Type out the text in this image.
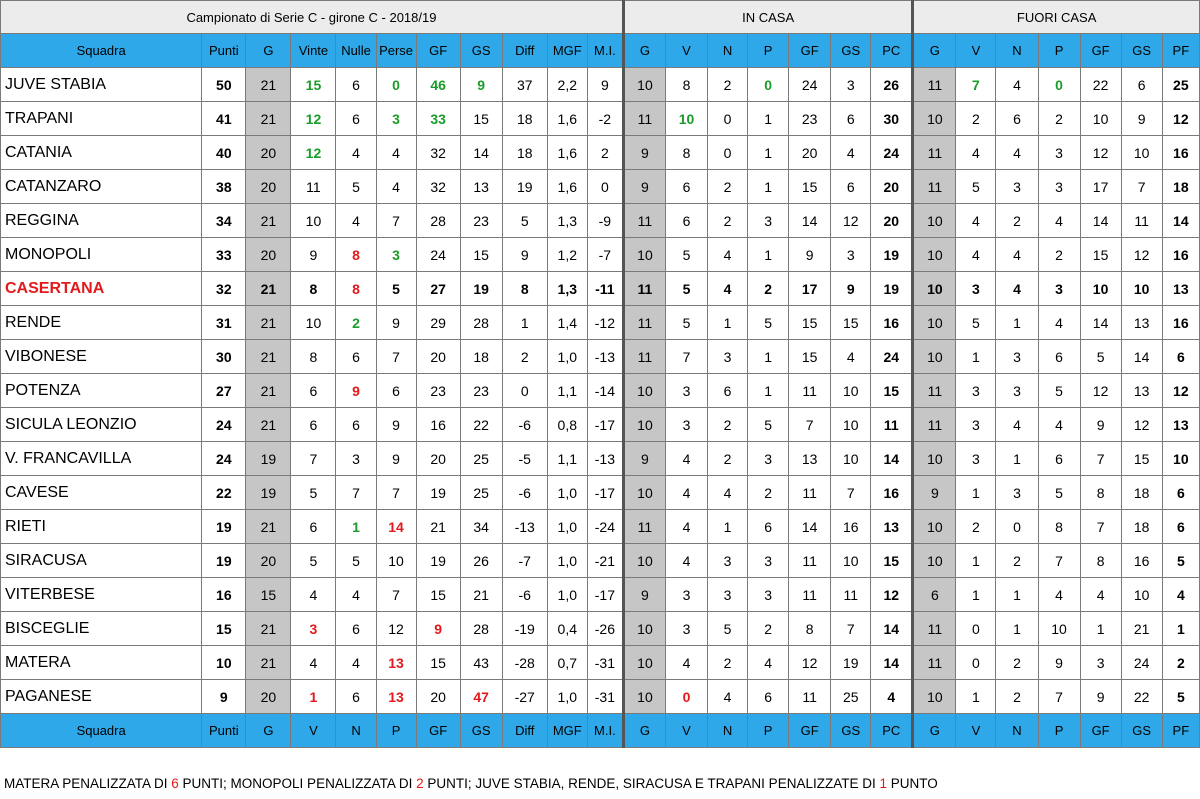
Campionato di Serie C - girone C - 2018/19											IN CASA							FUORI CASA						
Squadra	Punti	G	Vinte	Nulle	Perse	GF	GS	Diff	MGF	M.I.	G	V	N	P	GF	GS	PC	G	V	N	P	GF	GS	PF
JUVE STABIA	50	21	15	6	0	46	9	37	2,2	9	10	8	2	0	24	3	26	11	7	4	0	22	6	25
TRAPANI	41	21	12	6	3	33	15	18	1,6	-2	11	10	0	1	23	6	30	10	2	6	2	10	9	12
CATANIA	40	20	12	4	4	32	14	18	1,6	2	9	8	0	1	20	4	24	11	4	4	3	12	10	16
CATANZARO	38	20	11	5	4	32	13	19	1,6	0	9	6	2	1	15	6	20	11	5	3	3	17	7	18
REGGINA	34	21	10	4	7	28	23	5	1,3	-9	11	6	2	3	14	12	20	10	4	2	4	14	11	14
MONOPOLI	33	20	9	8	3	24	15	9	1,2	-7	10	5	4	1	9	3	19	10	4	4	2	15	12	16
CASERTANA	32	21	8	8	5	27	19	8	1,3	-11	11	5	4	2	17	9	19	10	3	4	3	10	10	13
RENDE	31	21	10	2	9	29	28	1	1,4	-12	11	5	1	5	15	15	16	10	5	1	4	14	13	16
VIBONESE	30	21	8	6	7	20	18	2	1,0	-13	11	7	3	1	15	4	24	10	1	3	6	5	14	6
POTENZA	27	21	6	9	6	23	23	0	1,1	-14	10	3	6	1	11	10	15	11	3	3	5	12	13	12
SICULA LEONZIO	24	21	6	6	9	16	22	-6	0,8	-17	10	3	2	5	7	10	11	11	3	4	4	9	12	13
V. FRANCAVILLA	24	19	7	3	9	20	25	-5	1,1	-13	9	4	2	3	13	10	14	10	3	1	6	7	15	10
CAVESE	22	19	5	7	7	19	25	-6	1,0	-17	10	4	4	2	11	7	16	9	1	3	5	8	18	6
RIETI	19	21	6	1	14	21	34	-13	1,0	-24	11	4	1	6	14	16	13	10	2	0	8	7	18	6
SIRACUSA	19	20	5	5	10	19	26	-7	1,0	-21	10	4	3	3	11	10	15	10	1	2	7	8	16	5
VITERBESE	16	15	4	4	7	15	21	-6	1,0	-17	9	3	3	3	11	11	12	6	1	1	4	4	10	4
BISCEGLIE	15	21	3	6	12	9	28	-19	0,4	-26	10	3	5	2	8	7	14	11	0	1	10	1	21	1
MATERA	10	21	4	4	13	15	43	-28	0,7	-31	10	4	2	4	12	19	14	11	0	2	9	3	24	2
PAGANESE	9	20	1	6	13	20	47	-27	1,0	-31	10	0	4	6	11	25	4	10	1	2	7	9	22	5
Squadra	Punti	G	V	N	P	GF	GS	Diff	MGF	M.I.	G	V	N	P	GF	GS	PC	G	V	N	P	GF	GS	PF
MATERA PENALIZZATA DI 6 PUNTI; MONOPOLI PENALIZZATA DI 2 PUNTI; JUVE STABIA, RENDE, SIRACUSA E TRAPANI PENALIZZATE DI 1 PUNTO
